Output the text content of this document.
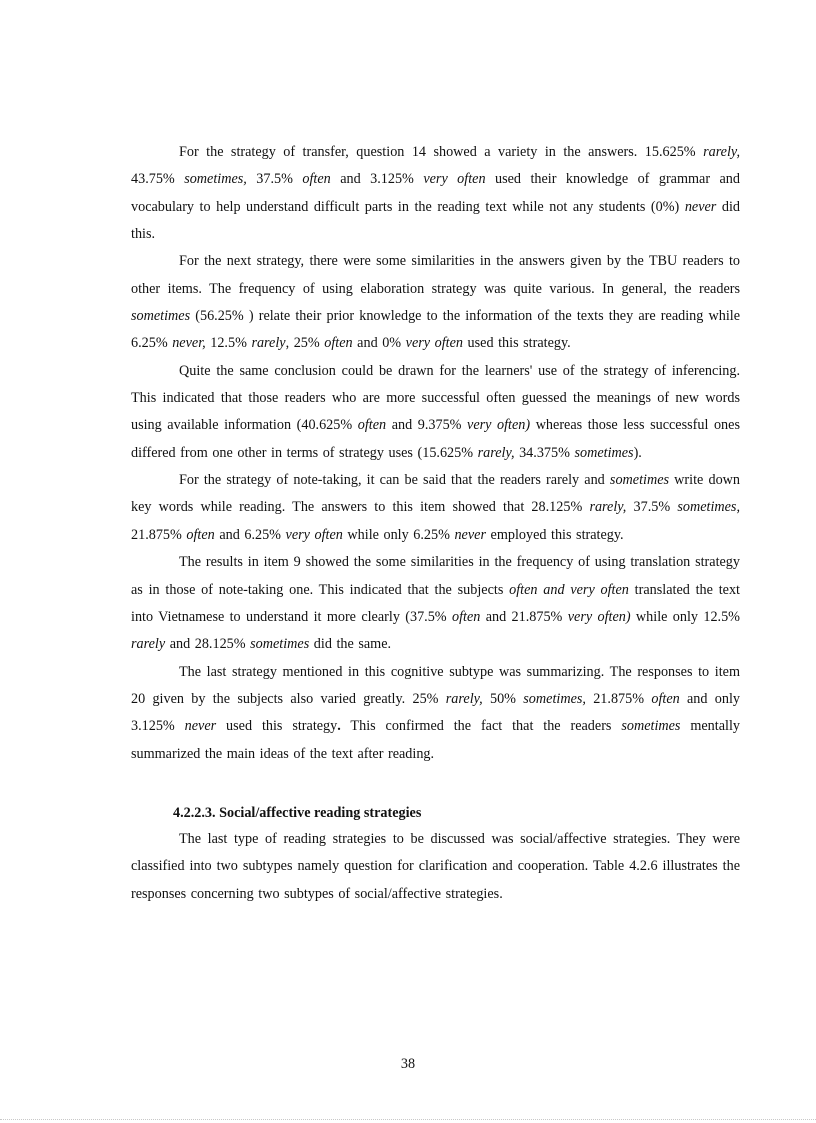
For the strategy of transfer, question 14 showed a variety in the answers. 15.625% rarely, 43.75% sometimes, 37.5% often and 3.125% very often used their knowledge of grammar and vocabulary to help understand difficult parts in the reading text while not any students (0%) never did this.

For the next strategy, there were some similarities in the answers given by the TBU readers to other items. The frequency of using elaboration strategy was quite various. In general, the readers sometimes (56.25% ) relate their prior knowledge to the information of the texts they are reading while 6.25% never, 12.5% rarely, 25% often and 0% very often used this strategy.

Quite the same conclusion could be drawn for the learners' use of the strategy of inferencing. This indicated that those readers who are more successful often guessed the meanings of new words using available information (40.625% often and 9.375% very often) whereas those less successful ones differed from one other in terms of strategy uses (15.625% rarely, 34.375% sometimes).

For the strategy of note-taking, it can be said that the readers rarely and sometimes write down key words while reading. The answers to this item showed that 28.125% rarely, 37.5% sometimes, 21.875% often and 6.25% very often while only 6.25% never employed this strategy.

The results in item 9 showed the some similarities in the frequency of using translation strategy as in those of note-taking one. This indicated that the subjects often and very often translated the text into Vietnamese to understand it more clearly (37.5% often and 21.875% very often) while only 12.5% rarely and 28.125% sometimes did the same.

The last strategy mentioned in this cognitive subtype was summarizing. The responses to item 20 given by the subjects also varied greatly. 25% rarely, 50% sometimes, 21.875% often and only 3.125% never used this strategy. This confirmed the fact that the readers sometimes mentally summarized the main ideas of the text after reading.

4.2.2.3. Social/affective reading strategies

The last type of reading strategies to be discussed was social/affective strategies. They were classified into two subtypes namely question for clarification and cooperation. Table 4.2.6 illustrates the responses concerning two subtypes of social/affective strategies.

38
